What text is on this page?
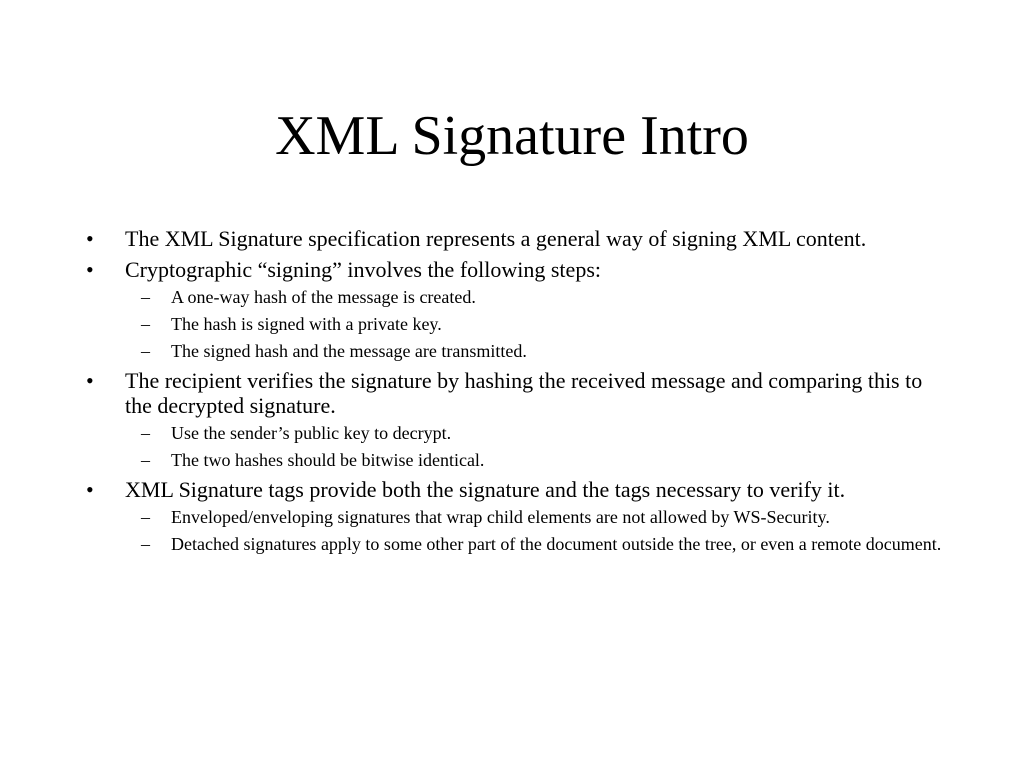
XML Signature Intro
• The XML Signature specification represents a general way of signing XML content.
• Cryptographic “signing” involves the following steps:
– A one-way hash of the message is created.
– The hash is signed with a private key.
– The signed hash and the message are transmitted.
• The recipient verifies the signature by hashing the received message and comparing this to the decrypted signature.
– Use the sender’s public key to decrypt.
– The two hashes should be bitwise identical.
• XML Signature tags provide both the signature and the tags necessary to verify it.
– Enveloped/enveloping signatures that wrap child elements are not allowed by WS-Security.
– Detached signatures apply to some other part of the document outside the tree, or even a remote document.
